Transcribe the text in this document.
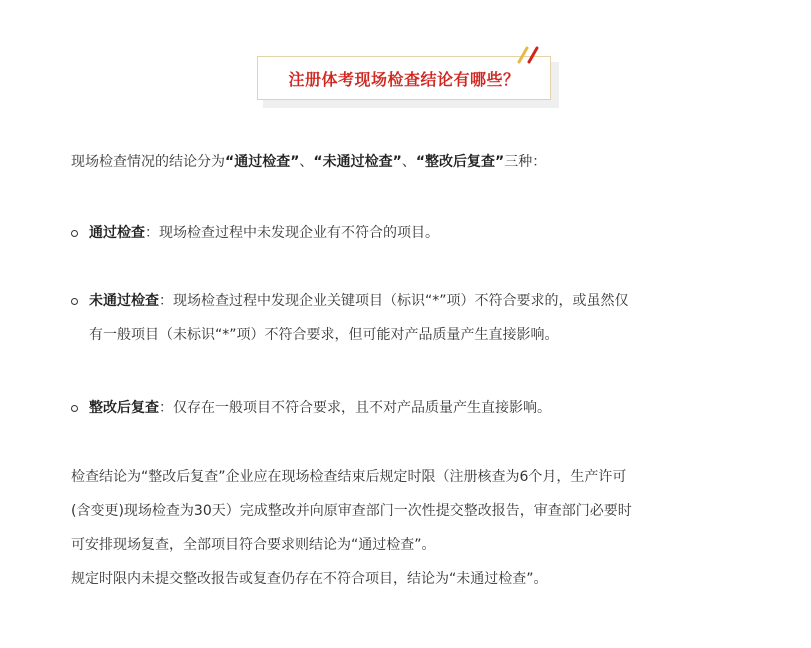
注册体考现场检查结论有哪些？

现场检查情况的结论分为“通过检查”、“未通过检查”、“整改后复查”三种：

通过检查：现场检查过程中未发现企业有不符合的项目。
未通过检查：现场检查过程中发现企业关键项目（标识“*”项）不符合要求的，或虽然仅
有一般项目（未标识“*”项）不符合要求，但可能对产品质量产生直接影响。
整改后复查：仅存在一般项目不符合要求，且不对产品质量产生直接影响。
检查结论为“整改后复查”企业应在现场检查结束后规定时限（注册核查为6个月，生产许可
(含变更)现场检查为30天）完成整改并向原审查部门一次性提交整改报告，审查部门必要时
可安排现场复查，全部项目符合要求则结论为“通过检查”。
规定时限内未提交整改报告或复查仍存在不符合项目，结论为“未通过检查”。
